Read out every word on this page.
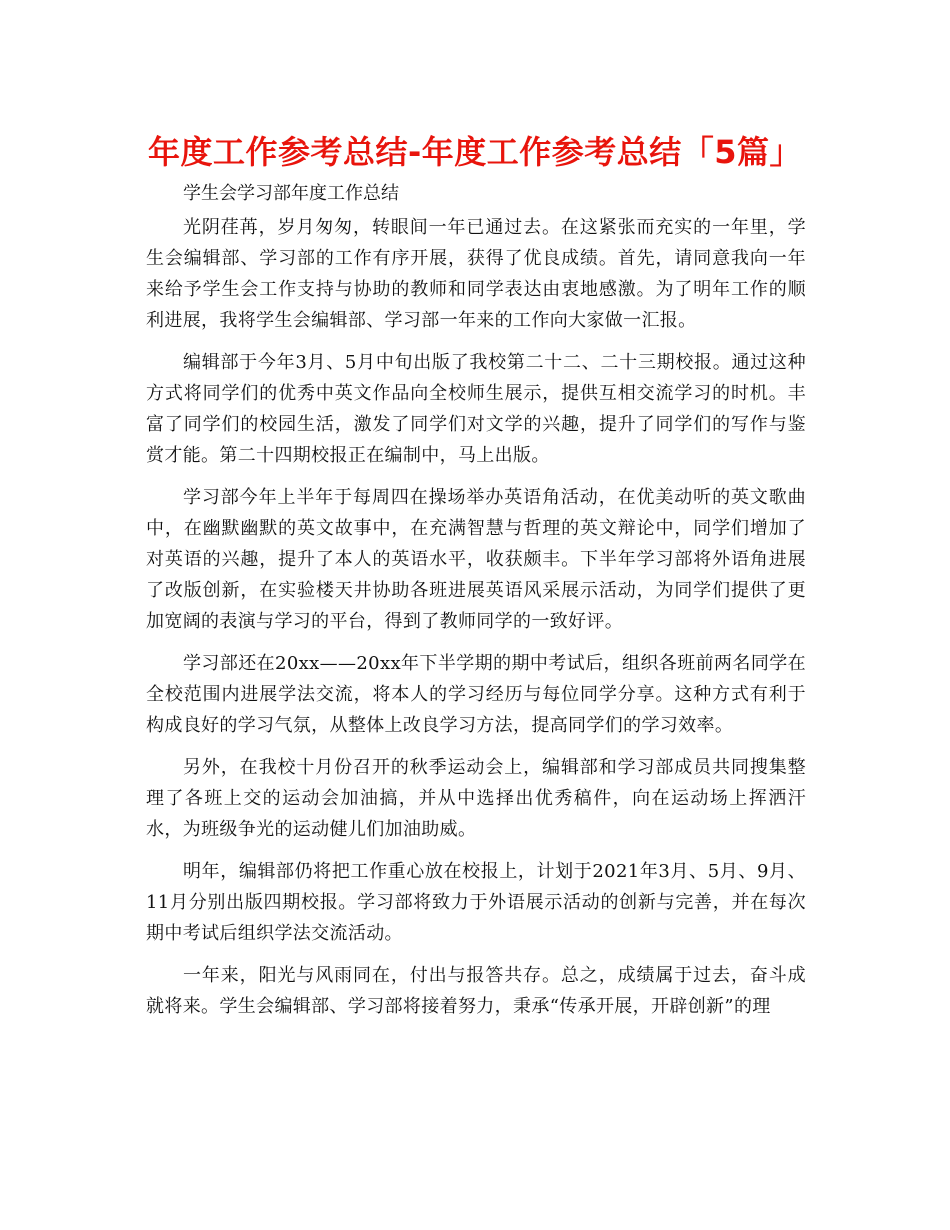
年度工作参考总结-年度工作参考总结「5篇」
学生会学习部年度工作总结

光阴荏苒，岁月匆匆，转眼间一年已通过去。在这紧张而充实的一年里，学生会编辑部、学习部的工作有序开展，获得了优良成绩。首先，请同意我向一年来给予学生会工作支持与协助的教师和同学表达由衷地感激。为了明年工作的顺利进展，我将学生会编辑部、学习部一年来的工作向大家做一汇报。

编辑部于今年3月、5月中旬出版了我校第二十二、二十三期校报。通过这种方式将同学们的优秀中英文作品向全校师生展示，提供互相交流学习的时机。丰富了同学们的校园生活，激发了同学们对文学的兴趣，提升了同学们的写作与鉴赏才能。第二十四期校报正在编制中，马上出版。

学习部今年上半年于每周四在操场举办英语角活动，在优美动听的英文歌曲中，在幽默幽默的英文故事中，在充满智慧与哲理的英文辩论中，同学们增加了对英语的兴趣，提升了本人的英语水平，收获颇丰。下半年学习部将外语角进展了改版创新，在实验楼天井协助各班进展英语风采展示活动，为同学们提供了更加宽阔的表演与学习的平台，得到了教师同学的一致好评。

学习部还在20xx——20xx年下半学期的期中考试后，组织各班前两名同学在全校范围内进展学法交流，将本人的学习经历与每位同学分享。这种方式有利于构成良好的学习气氛，从整体上改良学习方法，提高同学们的学习效率。

另外，在我校十月份召开的秋季运动会上，编辑部和学习部成员共同搜集整理了各班上交的运动会加油搞，并从中选择出优秀稿件，向在运动场上挥洒汗水，为班级争光的运动健儿们加油助威。

明年，编辑部仍将把工作重心放在校报上，计划于2021年3月、5月、9月、11月分别出版四期校报。学习部将致力于外语展示活动的创新与完善，并在每次期中考试后组织学法交流活动。

一年来，阳光与风雨同在，付出与报答共存。总之，成绩属于过去，奋斗成就将来。学生会编辑部、学习部将接着努力，秉承“传承开展，开辟创新”的理
